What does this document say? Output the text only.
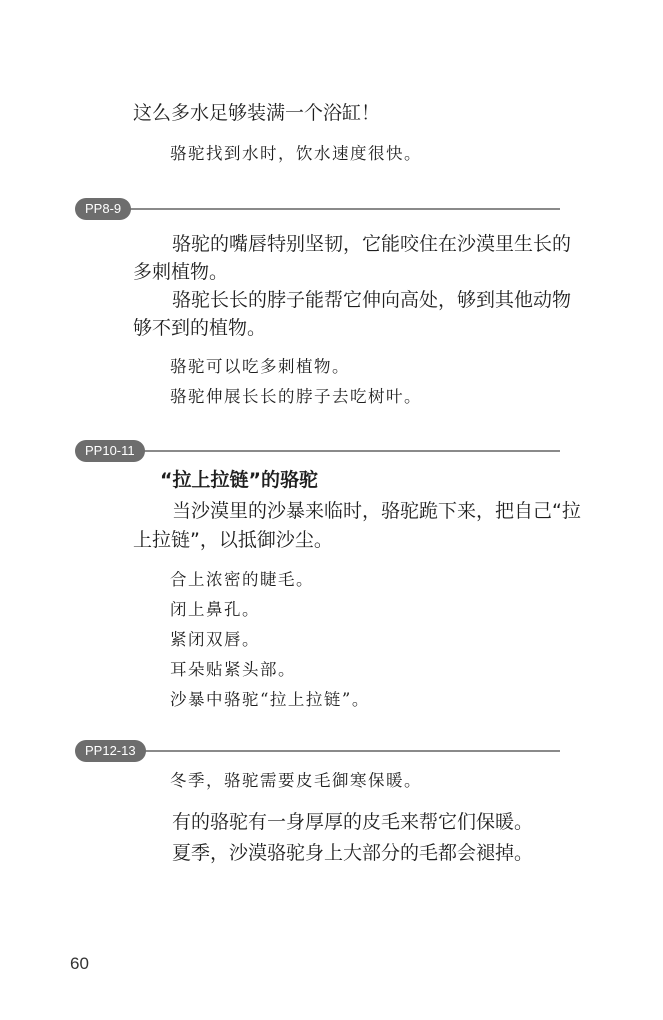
这么多水足够装满一个浴缸！

骆驼找到水时，饮水速度很快。

PP8-9

骆驼的嘴唇特别坚韧，它能咬住在沙漠里生长的

多刺植物。

骆驼长长的脖子能帮它伸向高处，够到其他动物

够不到的植物。

骆驼可以吃多刺植物。

骆驼伸展长长的脖子去吃树叶。

PP10-11

“拉上拉链”的骆驼

当沙漠里的沙暴来临时，骆驼跪下来，把自己“拉

上拉链”，以抵御沙尘。

合上浓密的睫毛。

闭上鼻孔。

紧闭双唇。

耳朵贴紧头部。

沙暴中骆驼“拉上拉链”。

PP12-13

冬季，骆驼需要皮毛御寒保暖。

有的骆驼有一身厚厚的皮毛来帮它们保暖。

夏季，沙漠骆驼身上大部分的毛都会褪掉。

60
